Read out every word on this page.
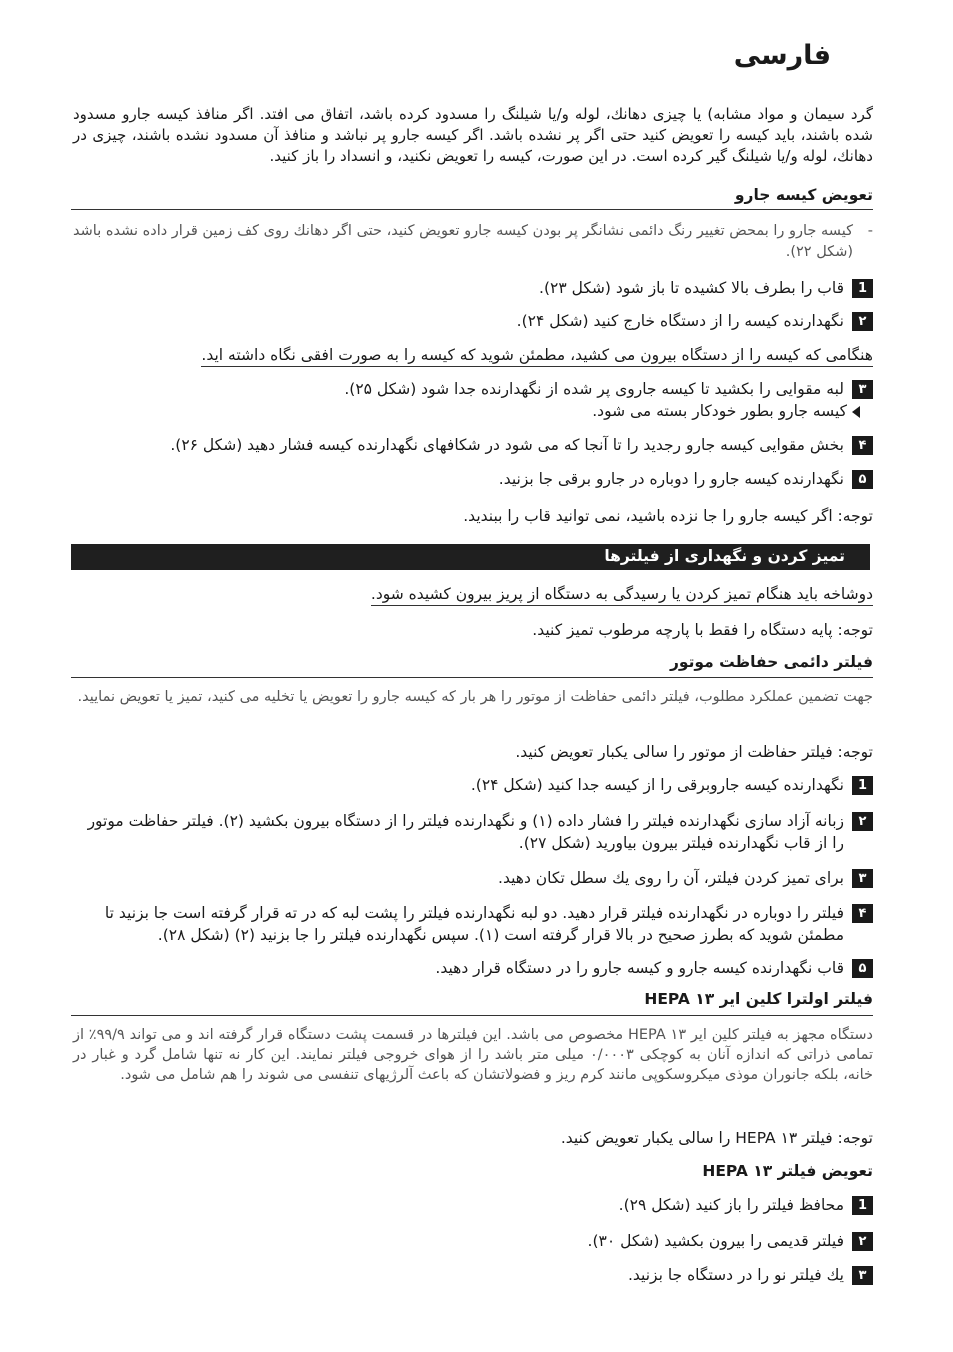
فارسی
گرد سیمان و مواد مشابه) یا چیزی دهانك، لوله و/یا شیلنگ را مسدود كرده باشد، اتفاق می افتد. اگر منافذ كیسه جارو مسدود شده باشند، باید كیسه را تعویض كنید حتی اگر پر نشده باشد. اگر كیسه جارو پر نباشد و منافذ آن مسدود نشده باشند، چیزی در دهانك، لوله و/یا شیلنگ گیر كرده است. در این صورت، كیسه را تعویض نكنید، و انسداد را باز كنید.
تعویض كیسه جارو
-
كیسه جارو را بمحض تغییر رنگ دائمی نشانگر پر بودن كیسه جارو تعویض كنید، حتی اگر دهانك روی كف زمین قرار داده نشده باشد (شكل ۲۲).
1
قاب را بطرف بالا كشیده تا باز شود (شكل ۲۳).
۲
نگهدارنده كیسه را از دستگاه خارج كنید (شكل ۲۴).
هنگامی كه كیسه را از دستگاه بیرون می كشید، مطمئن شوید كه كیسه را به صورت افقی نگاه داشته اید.
۳
لبه مقوایی را بكشید تا كیسه جاروی پر شده از نگهدارنده جدا شود (شكل ۲۵).
كیسه جارو بطور خودكار بسته می شود.
۴
بخش مقوایی كیسه جارو رجدید را تا آنجا كه می شود در شكافهای نگهدارنده كیسه فشار دهید (شكل ۲۶).
۵
نگهدارنده كیسه جارو را دوباره در جارو برقی جا بزنید.
توجه: اگر كیسه جارو را جا نزده باشید، نمی توانید قاب را ببندید.
تمیز كردن و نگهداری از فیلترها
دوشاخه باید هنگام تمیز كردن یا رسیدگی به دستگاه از پریز بیرون كشیده شود.
توجه: پایه دستگاه را فقط با پارچه مرطوب تمیز كنید.
فیلتر دائمی حفاظت موتور
جهت تضمین عملكرد مطلوب، فیلتر دائمی حفاظت از موتور را هر بار كه كیسه جارو را تعویض یا تخلیه می كنید، تمیز یا تعویض نمایید.
توجه: فیلتر حفاظت از موتور را سالی یكبار تعویض كنید.
1
نگهدارنده كیسه جاروبرقی را از كیسه جدا كنید (شكل ۲۴).
۲
زبانه آزاد سازی نگهدارنده فیلتر را فشار داده (۱) و نگهدارنده فیلتر را از دستگاه بیرون بكشید (۲). فیلتر حفاظت موتور را از قاب نگهدارنده فیلتر بیرون بیاورید (شكل ۲۷).
۳
برای تمیز كردن فیلتر، آن را روی یك سطل تكان دهید.
۴
فیلتر را دوباره در نگهدارنده فیلتر قرار دهید. دو لبه نگهدارنده فیلتر را پشت لبه كه در ته قرار گرفته است جا بزنید تا مطمئن شوید كه بطرز صحیح در بالا قرار گرفته است (۱). سپس نگهدارنده فیلتر را جا بزنید (۲) (شكل ۲۸).
۵
قاب نگهدارنده كیسه جارو و كیسه جارو را در دستگاه قرار دهید.
فیلتر اولترا كلین ایر HEPA ۱۳
دستگاه مجهز به فیلتر كلین ایر HEPA ۱۳ مخصوص می باشد. این فیلترها در قسمت پشت دستگاه قرار گرفته اند و می تواند ۹۹/۹٪ از تمامی ذراتی كه اندازه آنان به كوچكی ۰/۰۰۰۳ میلی متر باشد را از هوای خروجی فیلتر نمایند. این كار نه تنها شامل گرد و غبار در خانه، بلكه جانوران موذی میكروسكوپی مانند كرم ریز و فضولاتشان كه باعث آلرژیهای تنفسی می شوند را هم شامل می شود.
توجه: فیلتر HEPA ۱۳ را سالی یكبار تعویض كنید.
تعویض فیلتر HEPA ۱۳
1
محافظ فیلتر را باز كنید (شكل ۲۹).
۲
فیلتر قدیمی را بیرون بكشید (شكل ۳۰).
۳
یك فیلتر نو را در دستگاه جا بزنید.
